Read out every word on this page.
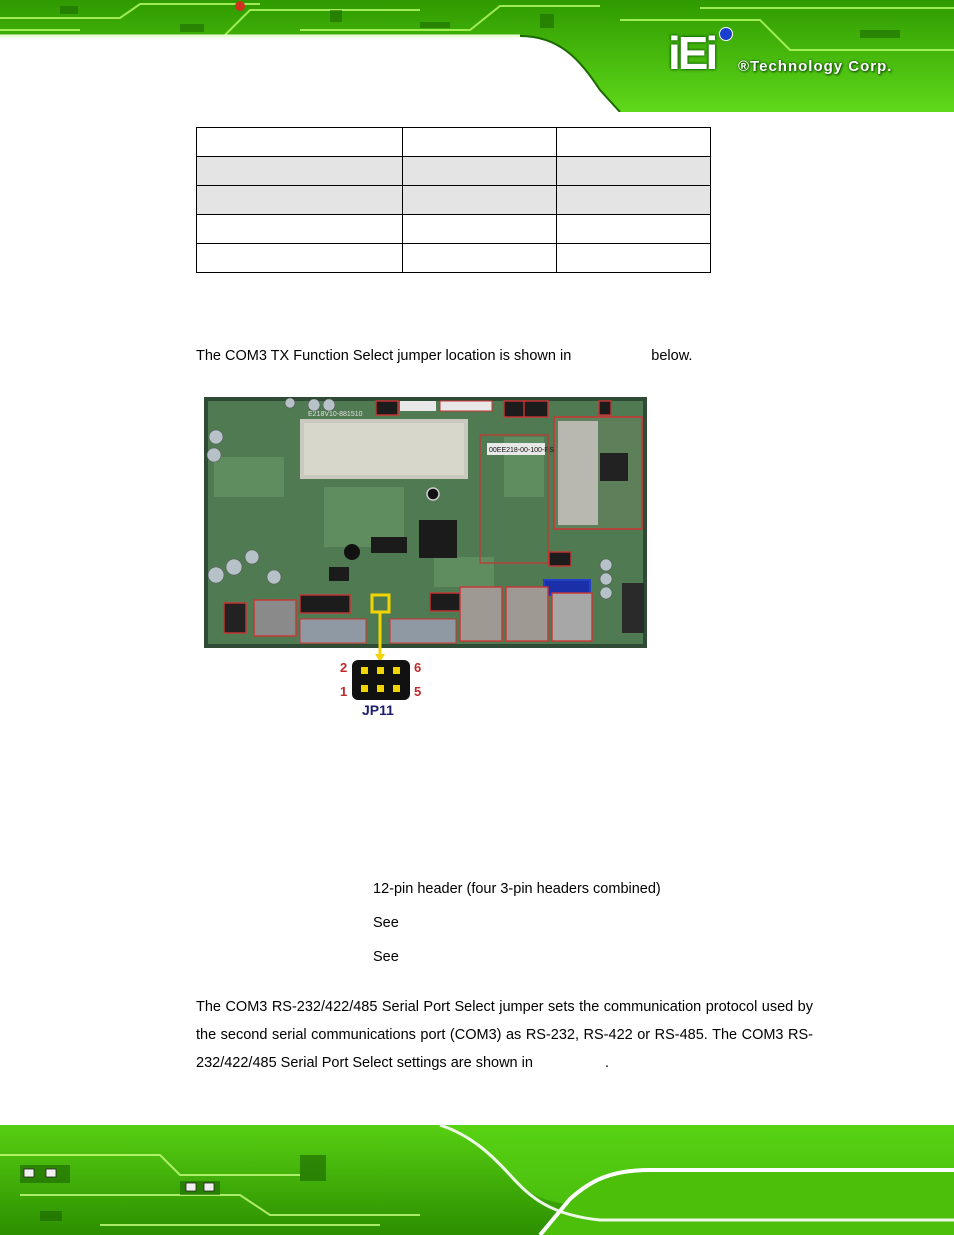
iEi ®Technology Corp.

The COM3 TX Function Select jumper location is shown in	below.
00EE218-00-100-RS
E218V10-881510
2	6
1	5
JP11
12-pin header (four 3-pin headers combined)
See
See
The COM3 RS-232/422/485 Serial Port Select jumper sets the communication protocol used by the second serial communications port (COM3) as RS-232, RS-422 or RS-485. The COM3 RS-232/422/485 Serial Port Select settings are shown in	.
